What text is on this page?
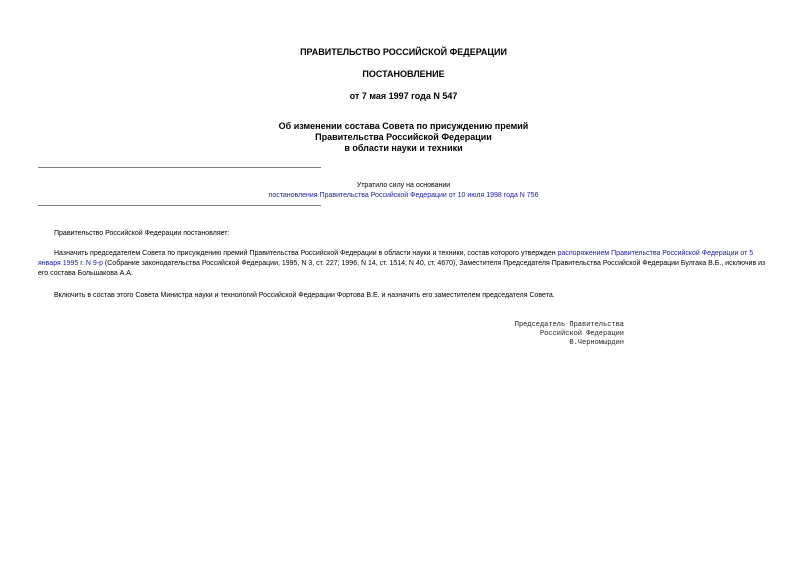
ПРАВИТЕЛЬСТВО РОССИЙСКОЙ ФЕДЕРАЦИИ
ПОСТАНОВЛЕНИЕ
от 7 мая 1997 года N 547
Об изменении состава Совета по присуждению премий
Правительства Российской Федерации
в области науки и техники
Утратило силу на основании
постановления Правительства Российской Федерации от 10 июля 1998 года N 756
Правительство Российской Федерации постановляет:
Назначить председателем Совета по присуждению премий Правительства Российской Федерации в области науки и техники, состав которого утвержден распоряжением Правительства Российской Федерации от 5 января 1995 г. N 9-р (Собрание законодательства Российской Федерации, 1995, N 3, ст. 227; 1996, N 14, ст. 1514; N 40, ст. 4670), Заместителя Председателя Правительства Российской Федерации Булгака В.Б., исключив из его состава Большакова А.А.
Включить в состав этого Совета Министра науки и технологий Российской Федерации Фортова В.Е. и назначить его заместителем председателя Совета.
Председатель Правительства
Российской Федерации
В.Черномырдин
